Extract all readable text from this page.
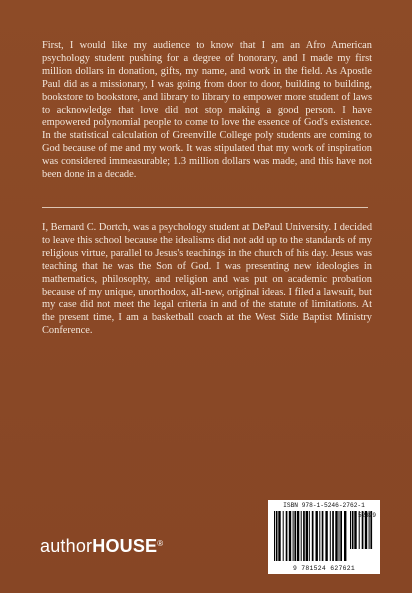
First, I would like my audience to know that I am an Afro American psychology student pushing for a degree of honorary, and I made my first million dollars in donation, gifts, my name, and work in the field. As Apostle Paul did as a missionary, I was going from door to door, building to building, bookstore to bookstore, and library to library to empower more student of laws to acknowledge that love did not stop making a good person. I have empowered polynomial people to come to love the essence of God's existence. In the statistical calculation of Greenville College poly students are coming to God because of me and my work. It was stipulated that my work of inspiration was considered immeasurable; 1.3 million dollars was made, and this have not been done in a decade.

I, Bernard C. Dortch, was a psychology student at DePaul University. I decided to leave this school because the idealisms did not add up to the standards of my religious virtue, parallel to Jesus's teachings in the church of his day. Jesus was teaching that he was the Son of God. I was presenting new ideologies in mathematics, philosophy, and religion and was put on academic probation because of my unique, unorthodox, all-new, original ideas. I filed a lawsuit, but my case did not meet the legal criteria in and of the statute of limitations. At the present time, I am a basketball coach at the West Side Baptist Ministry Conference.

authorHOUSE®
ISBN 978-1-5246-2762-1
52399
9 781524 627621
